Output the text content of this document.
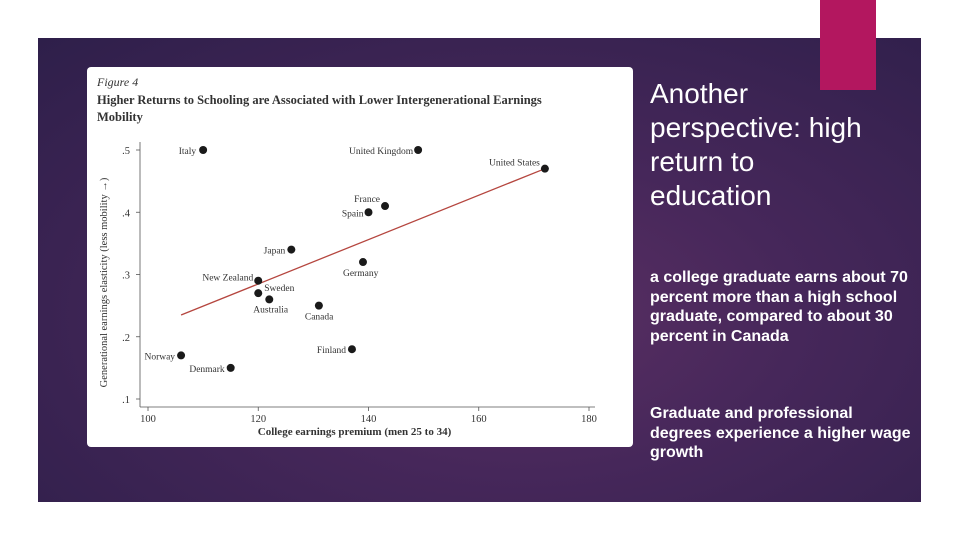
Figure 4
Higher Returns to Schooling are Associated with Lower Intergenerational Earnings Mobility
100	120	140	160	180
.1
.2
.3
.4
.5
College earnings premium (men 25 to 34)
Generational earnings elasticity (less mobility →)
Italy	United Kingdom
United States
France
Spain
Japan
Germany
New Zealand
Sweden
Australia
Canada
Finland
Norway
Denmark
Another perspective: high return to education

a college graduate earns about 70 percent more than a high school graduate, compared to about 30 percent in Canada

Graduate and professional degrees experience a higher wage growth
